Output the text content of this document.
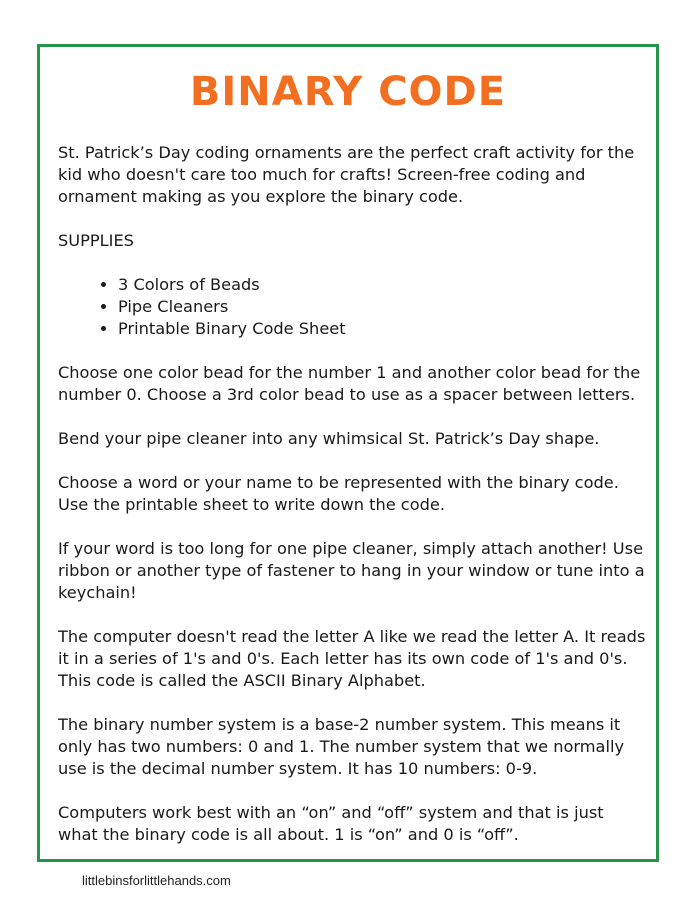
BINARY CODE

St. Patrick’s Day coding ornaments are the perfect craft activity for the kid who doesn't care too much for crafts! Screen-free coding and ornament making as you explore the binary code.

SUPPLIES

• 3 Colors of Beads
• Pipe Cleaners
• Printable Binary Code Sheet

Choose one color bead for the number 1 and another color bead for the number 0. Choose a 3rd color bead to use as a spacer between letters.

Bend your pipe cleaner into any whimsical St. Patrick’s Day shape.

Choose a word or your name to be represented with the binary code. Use the printable sheet to write down the code.

If your word is too long for one pipe cleaner, simply attach another! Use ribbon or another type of fastener to hang in your window or tune into a keychain!

The computer doesn't read the letter A like we read the letter A. It reads it in a series of 1's and 0's. Each letter has its own code of 1's and 0's. This code is called the ASCII Binary Alphabet.

The binary number system is a base-2 number system. This means it only has two numbers: 0 and 1. The number system that we normally use is the decimal number system. It has 10 numbers: 0-9.

Computers work best with an “on” and “off” system and that is just what the binary code is all about. 1 is “on” and 0 is “off”.

littlebinsforlittlehands.com
